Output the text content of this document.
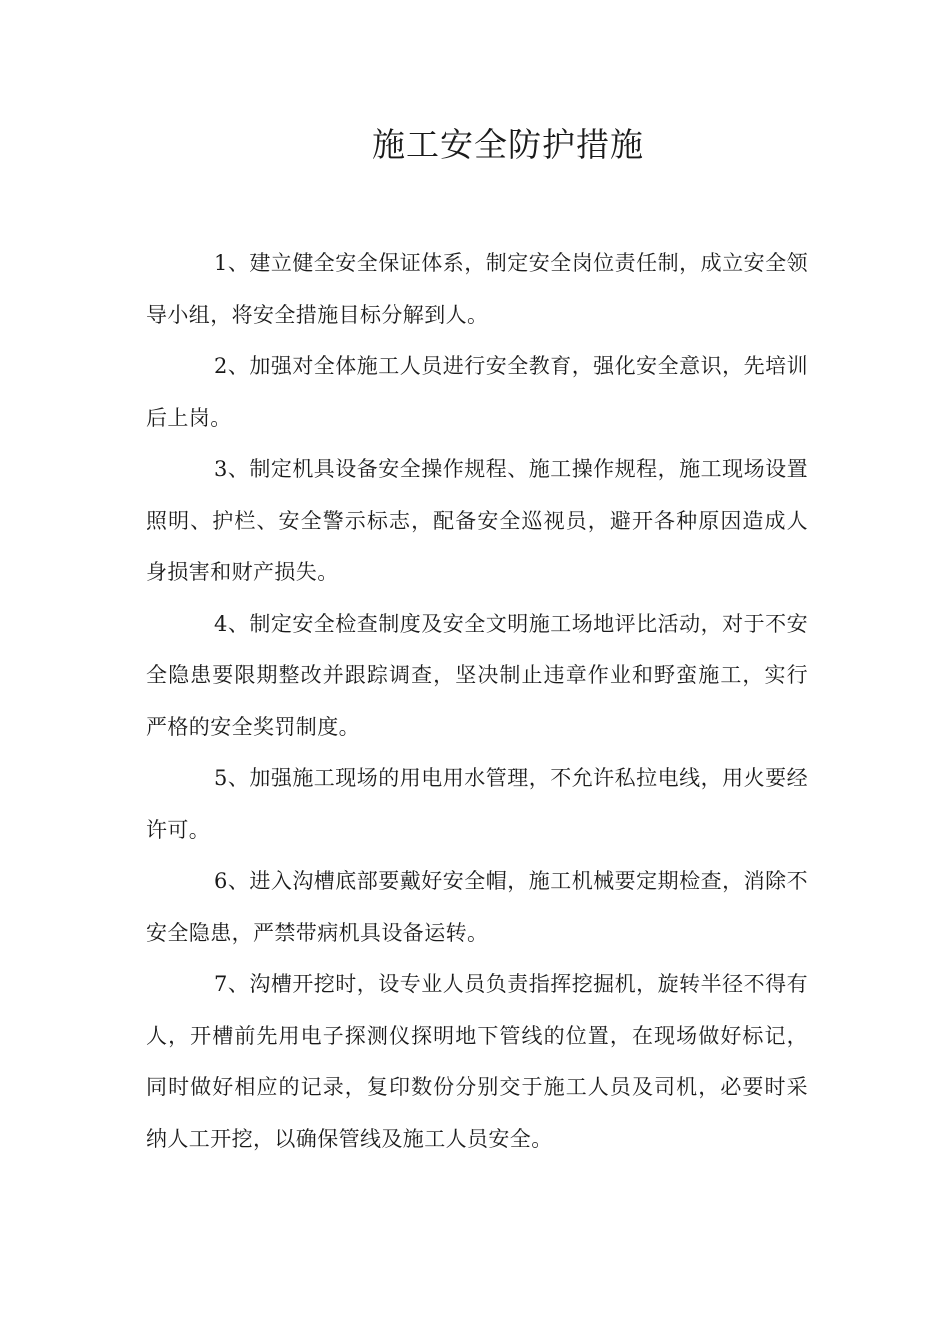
施工安全防护措施

1、建立健全安全保证体系，制定安全岗位责任制，成立安全领导小组，将安全措施目标分解到人。

2、加强对全体施工人员进行安全教育，强化安全意识，先培训后上岗。

3、制定机具设备安全操作规程、施工操作规程，施工现场设置照明、护栏、安全警示标志，配备安全巡视员，避开各种原因造成人身损害和财产损失。

4、制定安全检查制度及安全文明施工场地评比活动，对于不安全隐患要限期整改并跟踪调查，坚决制止违章作业和野蛮施工，实行严格的安全奖罚制度。

5、加强施工现场的用电用水管理，不允许私拉电线，用火要经许可。

6、进入沟槽底部要戴好安全帽，施工机械要定期检查，消除不安全隐患，严禁带病机具设备运转。

7、沟槽开挖时，设专业人员负责指挥挖掘机，旋转半径不得有人，开槽前先用电子探测仪探明地下管线的位置，在现场做好标记，同时做好相应的记录，复印数份分别交于施工人员及司机，必要时采纳人工开挖，以确保管线及施工人员安全。
